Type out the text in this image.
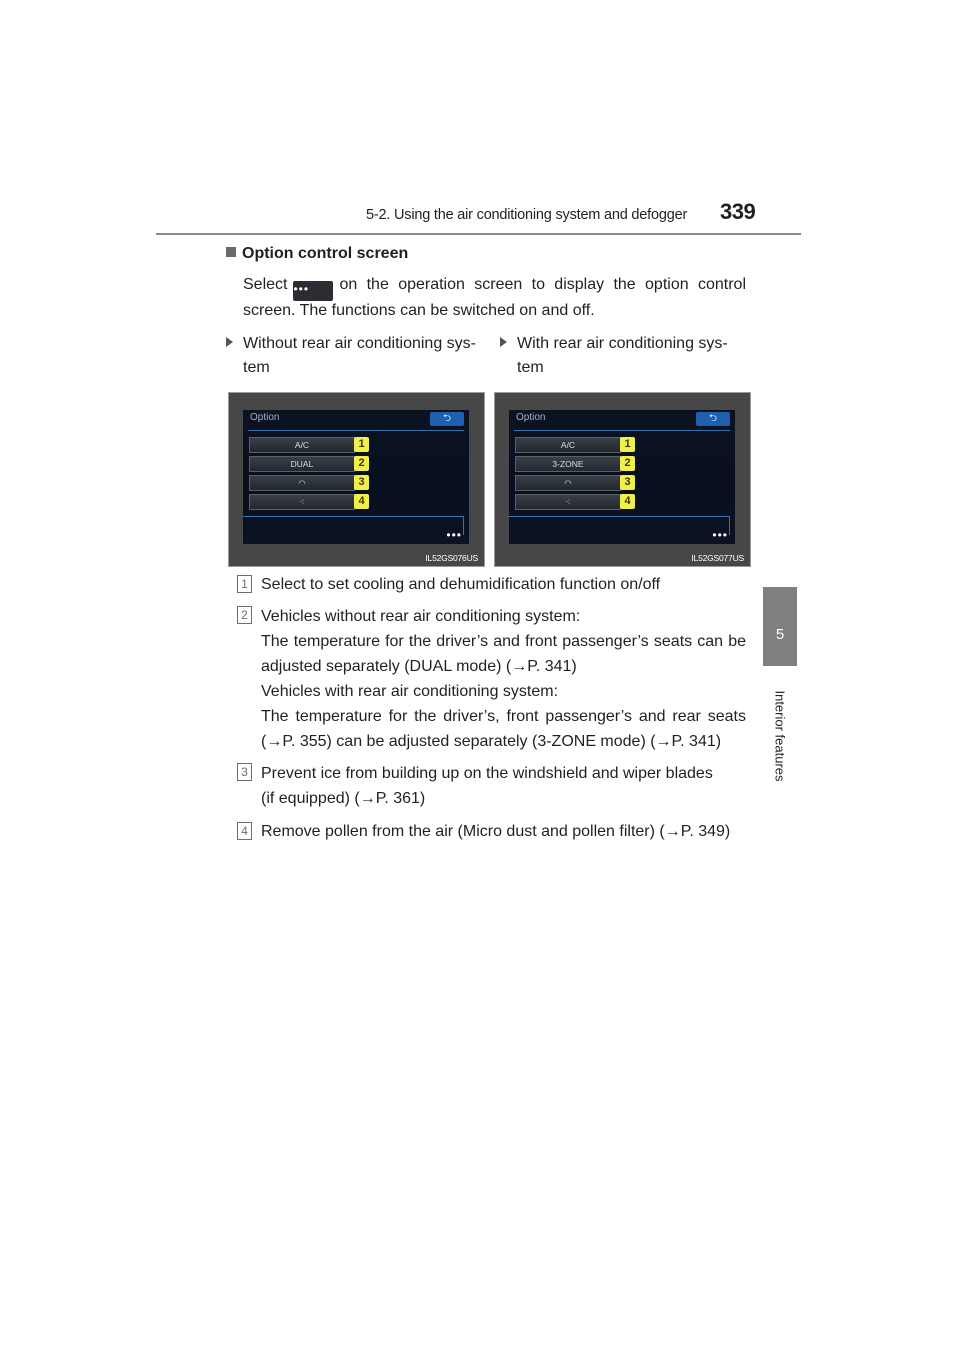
5-2. Using the air conditioning system and defogger 339
5
Interior features
Option control screen
Select ••• on the operation screen to display the option control
screen. The functions can be switched on and off.
Without rear air conditioning sys-
tem
With rear air conditioning sys-
tem
Option	⮌
A/C
DUAL
◠
⁖
1
2
3
4
•••
IL52GS076US
Option	⮌
A/C
3-ZONE
◠
⁖
1
2
3
4
•••
IL52GS077US
1 Select to set cooling and dehumidification function on/off
2 Vehicles without rear air conditioning system:
The temperature for the driver’s and front passenger’s seats can be
adjusted separately (DUAL mode) (→P. 341)
Vehicles with rear air conditioning system:
The temperature for the driver’s, front passenger’s and rear seats
(→P. 355) can be adjusted separately (3-ZONE mode) (→P. 341)
3 Prevent ice from building up on the windshield and wiper blades
(if equipped) (→P. 361)
4 Remove pollen from the air (Micro dust and pollen filter) (→P. 349)
